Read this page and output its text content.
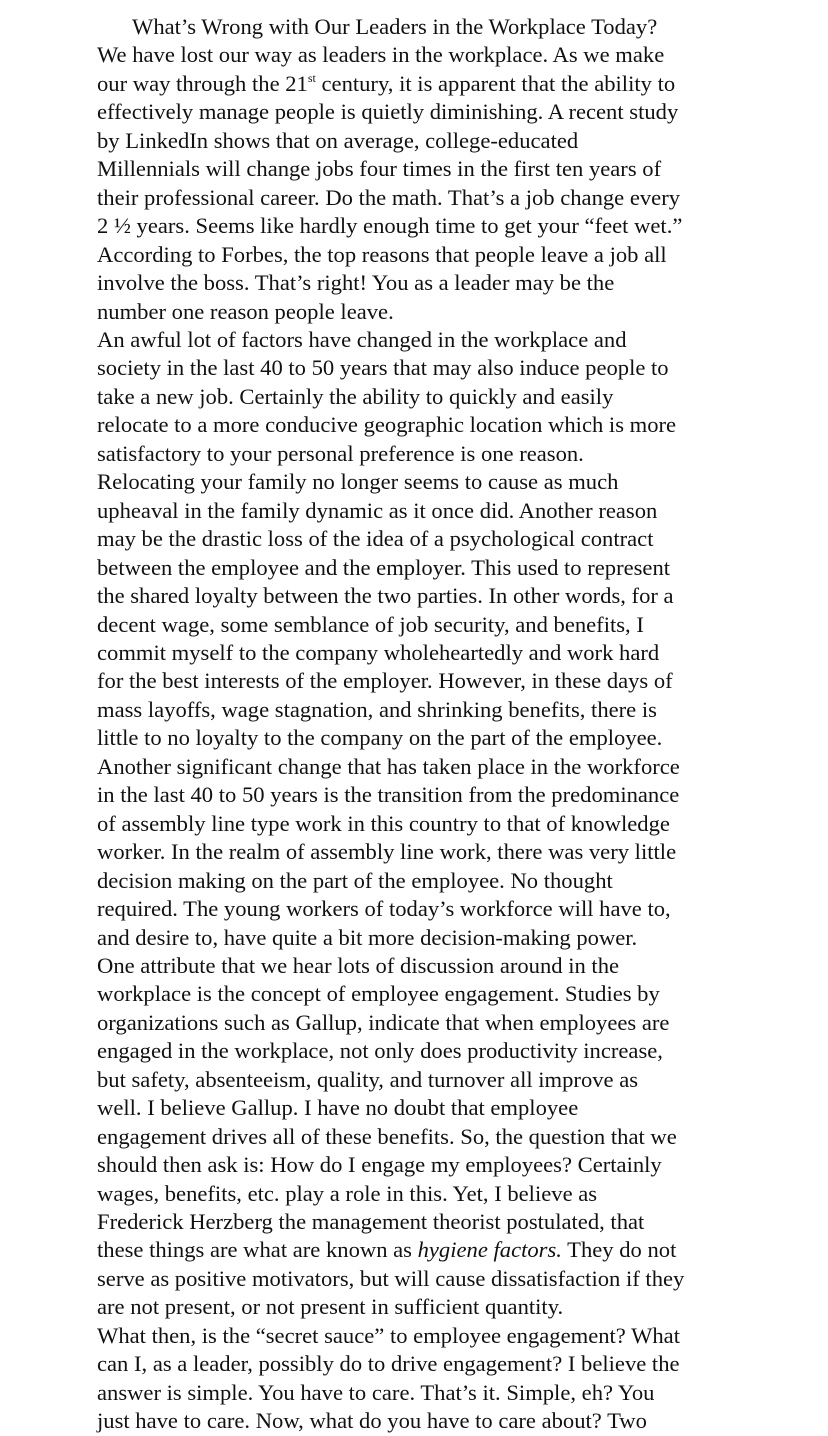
What’s Wrong with Our Leaders in the Workplace Today?

We have lost our way as leaders in the workplace. As we make
our way through the 21st century, it is apparent that the ability to
effectively manage people is quietly diminishing. A recent study
by LinkedIn shows that on average, college-educated
Millennials will change jobs four times in the first ten years of
their professional career. Do the math. That’s a job change every
2 ½ years. Seems like hardly enough time to get your “feet wet.”
According to Forbes, the top reasons that people leave a job all
involve the boss. That’s right! You as a leader may be the
number one reason people leave.

An awful lot of factors have changed in the workplace and
society in the last 40 to 50 years that may also induce people to
take a new job. Certainly the ability to quickly and easily
relocate to a more conducive geographic location which is more
satisfactory to your personal preference is one reason.
Relocating your family no longer seems to cause as much
upheaval in the family dynamic as it once did. Another reason
may be the drastic loss of the idea of a psychological contract
between the employee and the employer. This used to represent
the shared loyalty between the two parties. In other words, for a
decent wage, some semblance of job security, and benefits, I
commit myself to the company wholeheartedly and work hard
for the best interests of the employer. However, in these days of
mass layoffs, wage stagnation, and shrinking benefits, there is
little to no loyalty to the company on the part of the employee.

Another significant change that has taken place in the workforce
in the last 40 to 50 years is the transition from the predominance
of assembly line type work in this country to that of knowledge
worker. In the realm of assembly line work, there was very little
decision making on the part of the employee. No thought
required. The young workers of today’s workforce will have to,
and desire to, have quite a bit more decision-making power.

One attribute that we hear lots of discussion around in the
workplace is the concept of employee engagement. Studies by
organizations such as Gallup, indicate that when employees are
engaged in the workplace, not only does productivity increase,
but safety, absenteeism, quality, and turnover all improve as
well. I believe Gallup. I have no doubt that employee
engagement drives all of these benefits. So, the question that we
should then ask is: How do I engage my employees? Certainly
wages, benefits, etc. play a role in this. Yet, I believe as
Frederick Herzberg the management theorist postulated, that
these things are what are known as hygiene factors. They do not
serve as positive motivators, but will cause dissatisfaction if they
are not present, or not present in sufficient quantity.

What then, is the “secret sauce” to employee engagement? What
can I, as a leader, possibly do to drive engagement? I believe the
answer is simple. You have to care. That’s it. Simple, eh? You
just have to care. Now, what do you have to care about? Two
